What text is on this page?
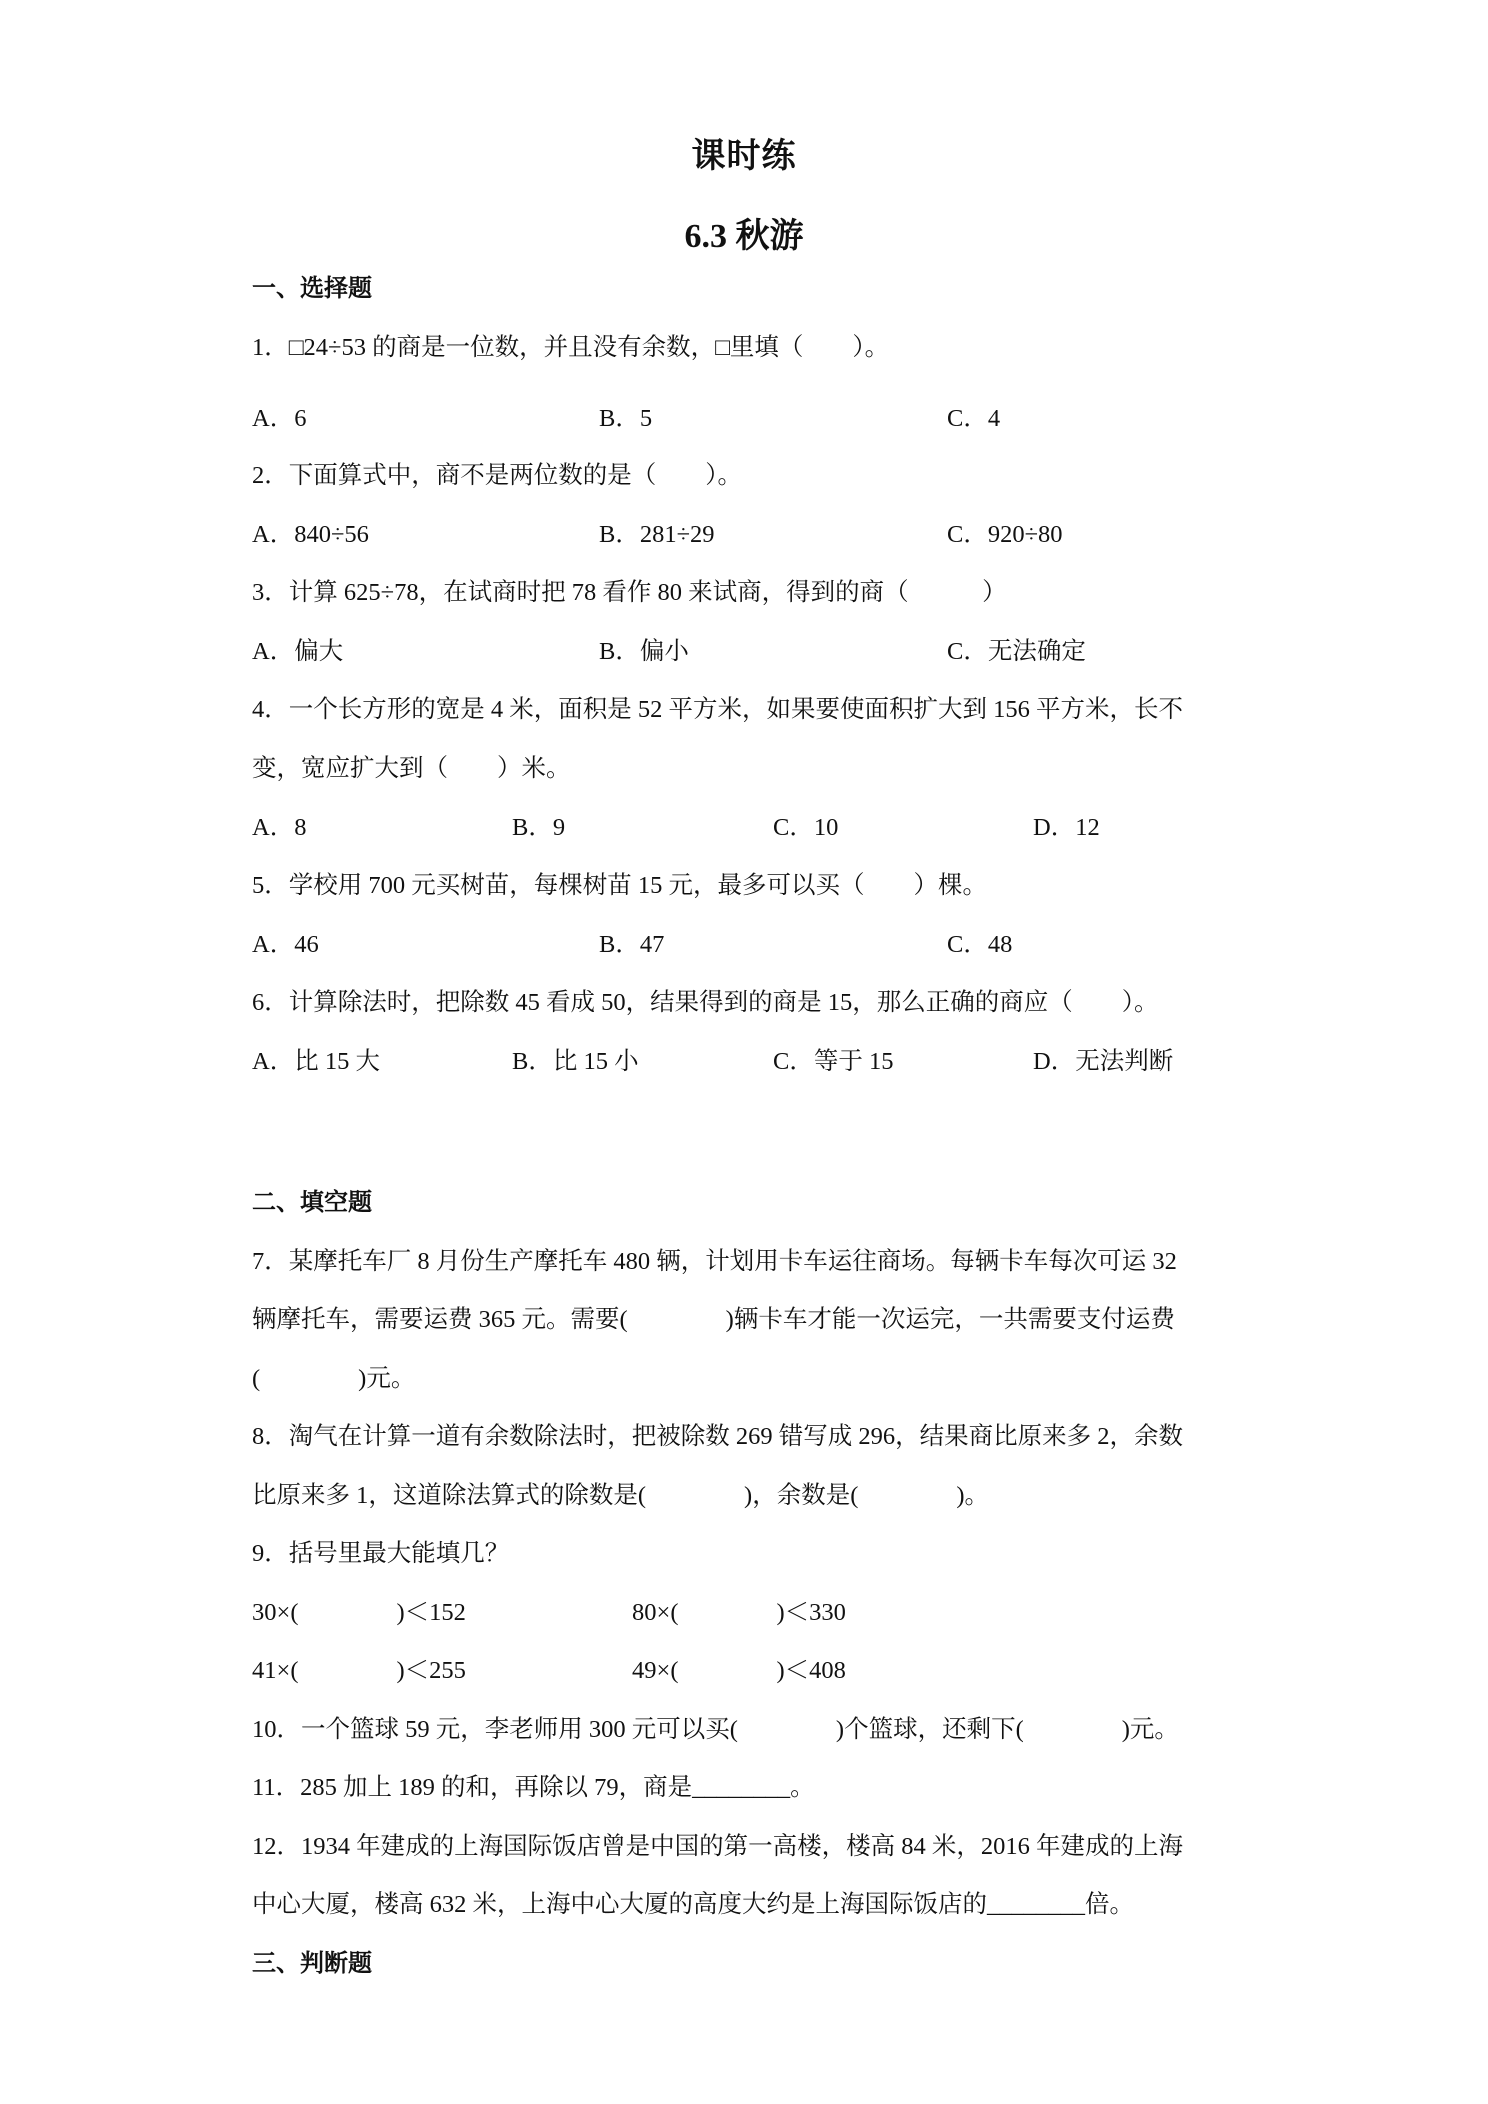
课时练
6.3 秋游
一、选择题
1．□24÷53 的商是一位数，并且没有余数，□里填（　　）。
A．6	B．5	C．4
2．下面算式中，商不是两位数的是（　　）。
A．840÷56	B．281÷29	C．920÷80
3．计算 625÷78，在试商时把 78 看作 80 来试商，得到的商（　　　）
A．偏大	B．偏小	C．无法确定
4．一个长方形的宽是 4 米，面积是 52 平方米，如果要使面积扩大到 156 平方米，长不
变，宽应扩大到（　　）米。
A．8	B．9	C．10	D．12
5．学校用 700 元买树苗，每棵树苗 15 元，最多可以买（　　）棵。
A．46	B．47	C．48
6．计算除法时，把除数 45 看成 50，结果得到的商是 15，那么正确的商应（　　）。
A．比 15 大	B．比 15 小	C．等于 15	D．无法判断
二、填空题
7．某摩托车厂 8 月份生产摩托车 480 辆，计划用卡车运往商场。每辆卡车每次可运 32
辆摩托车，需要运费 365 元。需要(　　　　)辆卡车才能一次运完，一共需要支付运费
(　　　　)元。
8．淘气在计算一道有余数除法时，把被除数 269 错写成 296，结果商比原来多 2，余数
比原来多 1，这道除法算式的除数是(　　　　)，余数是(　　　　)。
9．括号里最大能填几？
30×(　　　　)＜152	80×(　　　　)＜330
41×(　　　　)＜255	49×(　　　　)＜408
10．一个篮球 59 元，李老师用 300 元可以买(　　　　)个篮球，还剩下(　　　　)元。
11．285 加上 189 的和，再除以 79，商是________。
12．1934 年建成的上海国际饭店曾是中国的第一高楼，楼高 84 米，2016 年建成的上海
中心大厦，楼高 632 米，上海中心大厦的高度大约是上海国际饭店的________倍。
三、判断题
